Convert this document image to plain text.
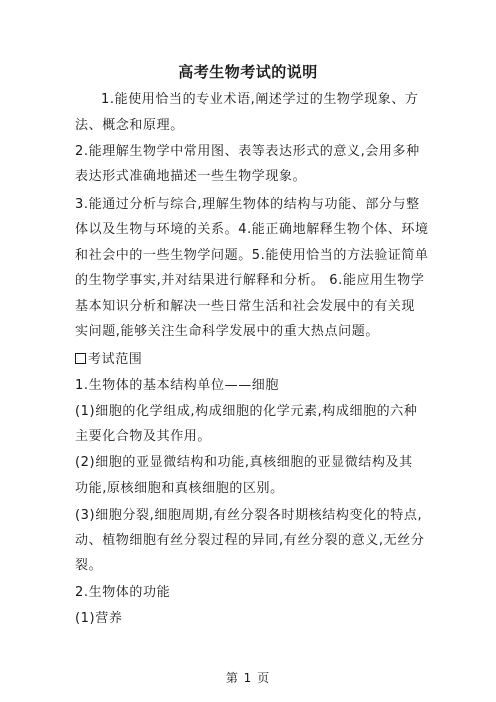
高考生物考试的说明
1.能使用恰当的专业术语,阐述学过的生物学现象、方
法、概念和原理。
2.能理解生物学中常用图、表等表达形式的意义,会用多种
表达形式准确地描述一些生物学现象。
3.能通过分析与综合,理解生物体的结构与功能、部分与整
体以及生物与环境的关系。4.能正确地解释生物个体、环境
和社会中的一些生物学问题。5.能使用恰当的方法验证简单
的生物学事实,并对结果进行解释和分析。 6.能应用生物学
基本知识分析和解决一些日常生活和社会发展中的有关现
实问题,能够关注生命科学发展中的重大热点问题。
考试范围
1.生物体的基本结构单位——细胞
(1)细胞的化学组成,构成细胞的化学元素,构成细胞的六种
主要化合物及其作用。
(2)细胞的亚显微结构和功能,真核细胞的亚显微结构及其
功能,原核细胞和真核细胞的区别。
(3)细胞分裂,细胞周期,有丝分裂各时期核结构变化的特点,
动、植物细胞有丝分裂过程的异同,有丝分裂的意义,无丝分
裂。
2.生物体的功能
(1)营养
第 1 页
